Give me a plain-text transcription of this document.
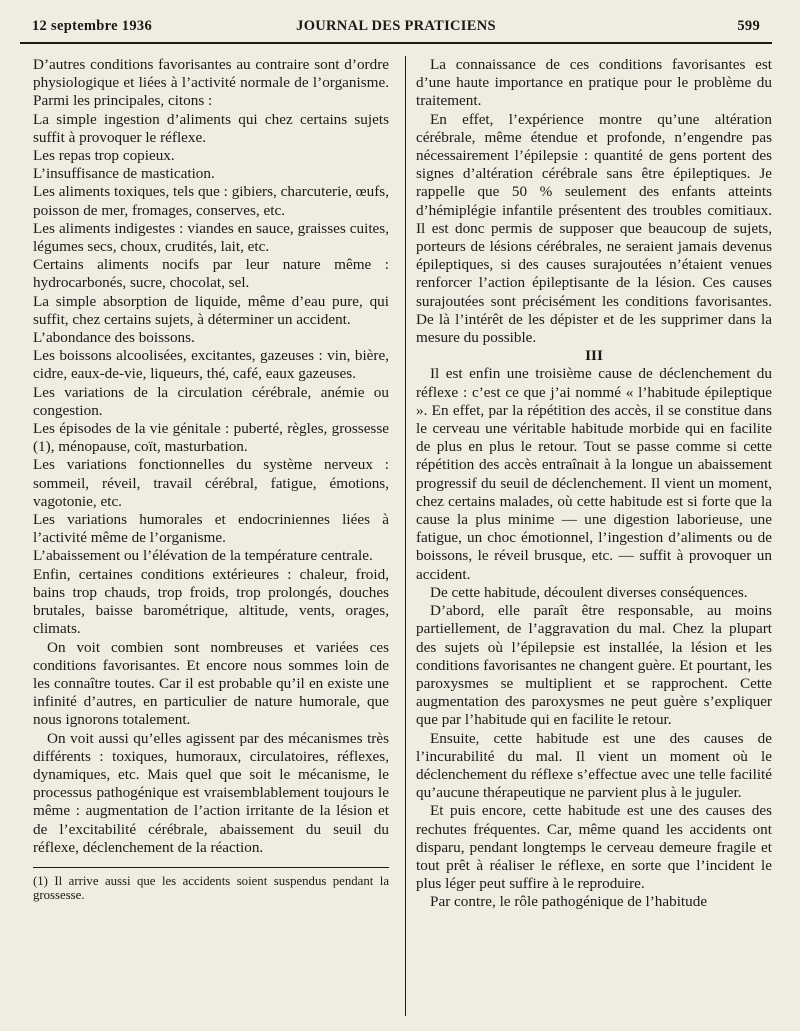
12 septembre 1936	JOURNAL DES PRATICIENS	599

D’autres conditions favorisantes au contraire sont d’ordre physiologique et liées à l’activité normale de l’organisme. Parmi les principales, citons :

La simple ingestion d’aliments qui chez certains sujets suffit à provoquer le réflexe.

Les repas trop copieux.

L’insuffisance de mastication.

Les aliments toxiques, tels que : gibiers, charcuterie, œufs, poisson de mer, fromages, conserves, etc.

Les aliments indigestes : viandes en sauce, graisses cuites, légumes secs, choux, crudités, lait, etc.

Certains aliments nocifs par leur nature même : hydrocarbonés, sucre, chocolat, sel.

La simple absorption de liquide, même d’eau pure, qui suffit, chez certains sujets, à déterminer un accident.

L’abondance des boissons.

Les boissons alcoolisées, excitantes, gazeuses : vin, bière, cidre, eaux-de-vie, liqueurs, thé, café, eaux gazeuses.

Les variations de la circulation cérébrale, anémie ou congestion.

Les épisodes de la vie génitale : puberté, règles, grossesse (1), ménopause, coït, masturbation.

Les variations fonctionnelles du système nerveux : sommeil, réveil, travail cérébral, fatigue, émotions, vagotonie, etc.

Les variations humorales et endocriniennes liées à l’activité même de l’organisme.

L’abaissement ou l’élévation de la température centrale.

Enfin, certaines conditions extérieures : chaleur, froid, bains trop chauds, trop froids, trop prolongés, douches brutales, baisse barométrique, altitude, vents, orages, climats.

On voit combien sont nombreuses et variées ces conditions favorisantes. Et encore nous sommes loin de les connaître toutes. Car il est probable qu’il en existe une infinité d’autres, en particulier de nature humorale, que nous ignorons totalement.

On voit aussi qu’elles agissent par des mécanismes très différents : toxiques, humoraux, circulatoires, réflexes, dynamiques, etc. Mais quel que soit le mécanisme, le processus pathogénique est vraisemblablement toujours le même : augmentation de l’action irritante de la lésion et de l’excitabilité cérébrale, abaissement du seuil du réflexe, déclenchement de la réaction.

(1) Il arrive aussi que les accidents soient suspendus pendant la grossesse.

La connaissance de ces conditions favorisantes est d’une haute importance en pratique pour le problème du traitement.

En effet, l’expérience montre qu’une altération cérébrale, même étendue et profonde, n’engendre pas nécessairement l’épilepsie : quantité de gens portent des signes d’altération cérébrale sans être épileptiques. Je rappelle que 50 % seulement des enfants atteints d’hémiplégie infantile présentent des troubles comitiaux. Il est donc permis de supposer que beaucoup de sujets, porteurs de lésions cérébrales, ne seraient jamais devenus épileptiques, si des causes surajoutées n’étaient venues renforcer l’action épileptisante de la lésion. Ces causes surajoutées sont précisément les conditions favorisantes. De là l’intérêt de les dépister et de les supprimer dans la mesure du possible.

III

Il est enfin une troisième cause de déclenchement du réflexe : c’est ce que j’ai nommé « l’habitude épileptique ». En effet, par la répétition des accès, il se constitue dans le cerveau une véritable habitude morbide qui en facilite de plus en plus le retour. Tout se passe comme si cette répétition des accès entraînait à la longue un abaissement progressif du seuil de déclenchement. Il vient un moment, chez certains malades, où cette habitude est si forte que la cause la plus minime — une digestion laborieuse, une fatigue, un choc émotionnel, l’ingestion d’aliments ou de boissons, le réveil brusque, etc. — suffit à provoquer un accident.

De cette habitude, découlent diverses conséquences.

D’abord, elle paraît être responsable, au moins partiellement, de l’aggravation du mal. Chez la plupart des sujets où l’épilepsie est installée, la lésion et les conditions favorisantes ne changent guère. Et pourtant, les paroxysmes se multiplient et se rapprochent. Cette augmentation des paroxysmes ne peut guère s’expliquer que par l’habitude qui en facilite le retour.

Ensuite, cette habitude est une des causes de l’incurabilité du mal. Il vient un moment où le déclenchement du réflexe s’effectue avec une telle facilité qu’aucune thérapeutique ne parvient plus à le juguler.

Et puis encore, cette habitude est une des causes des rechutes fréquentes. Car, même quand les accidents ont disparu, pendant longtemps le cerveau demeure fragile et tout prêt à réaliser le réflexe, en sorte que l’incident le plus léger peut suffire à le reproduire.

Par contre, le rôle pathogénique de l’habitude
